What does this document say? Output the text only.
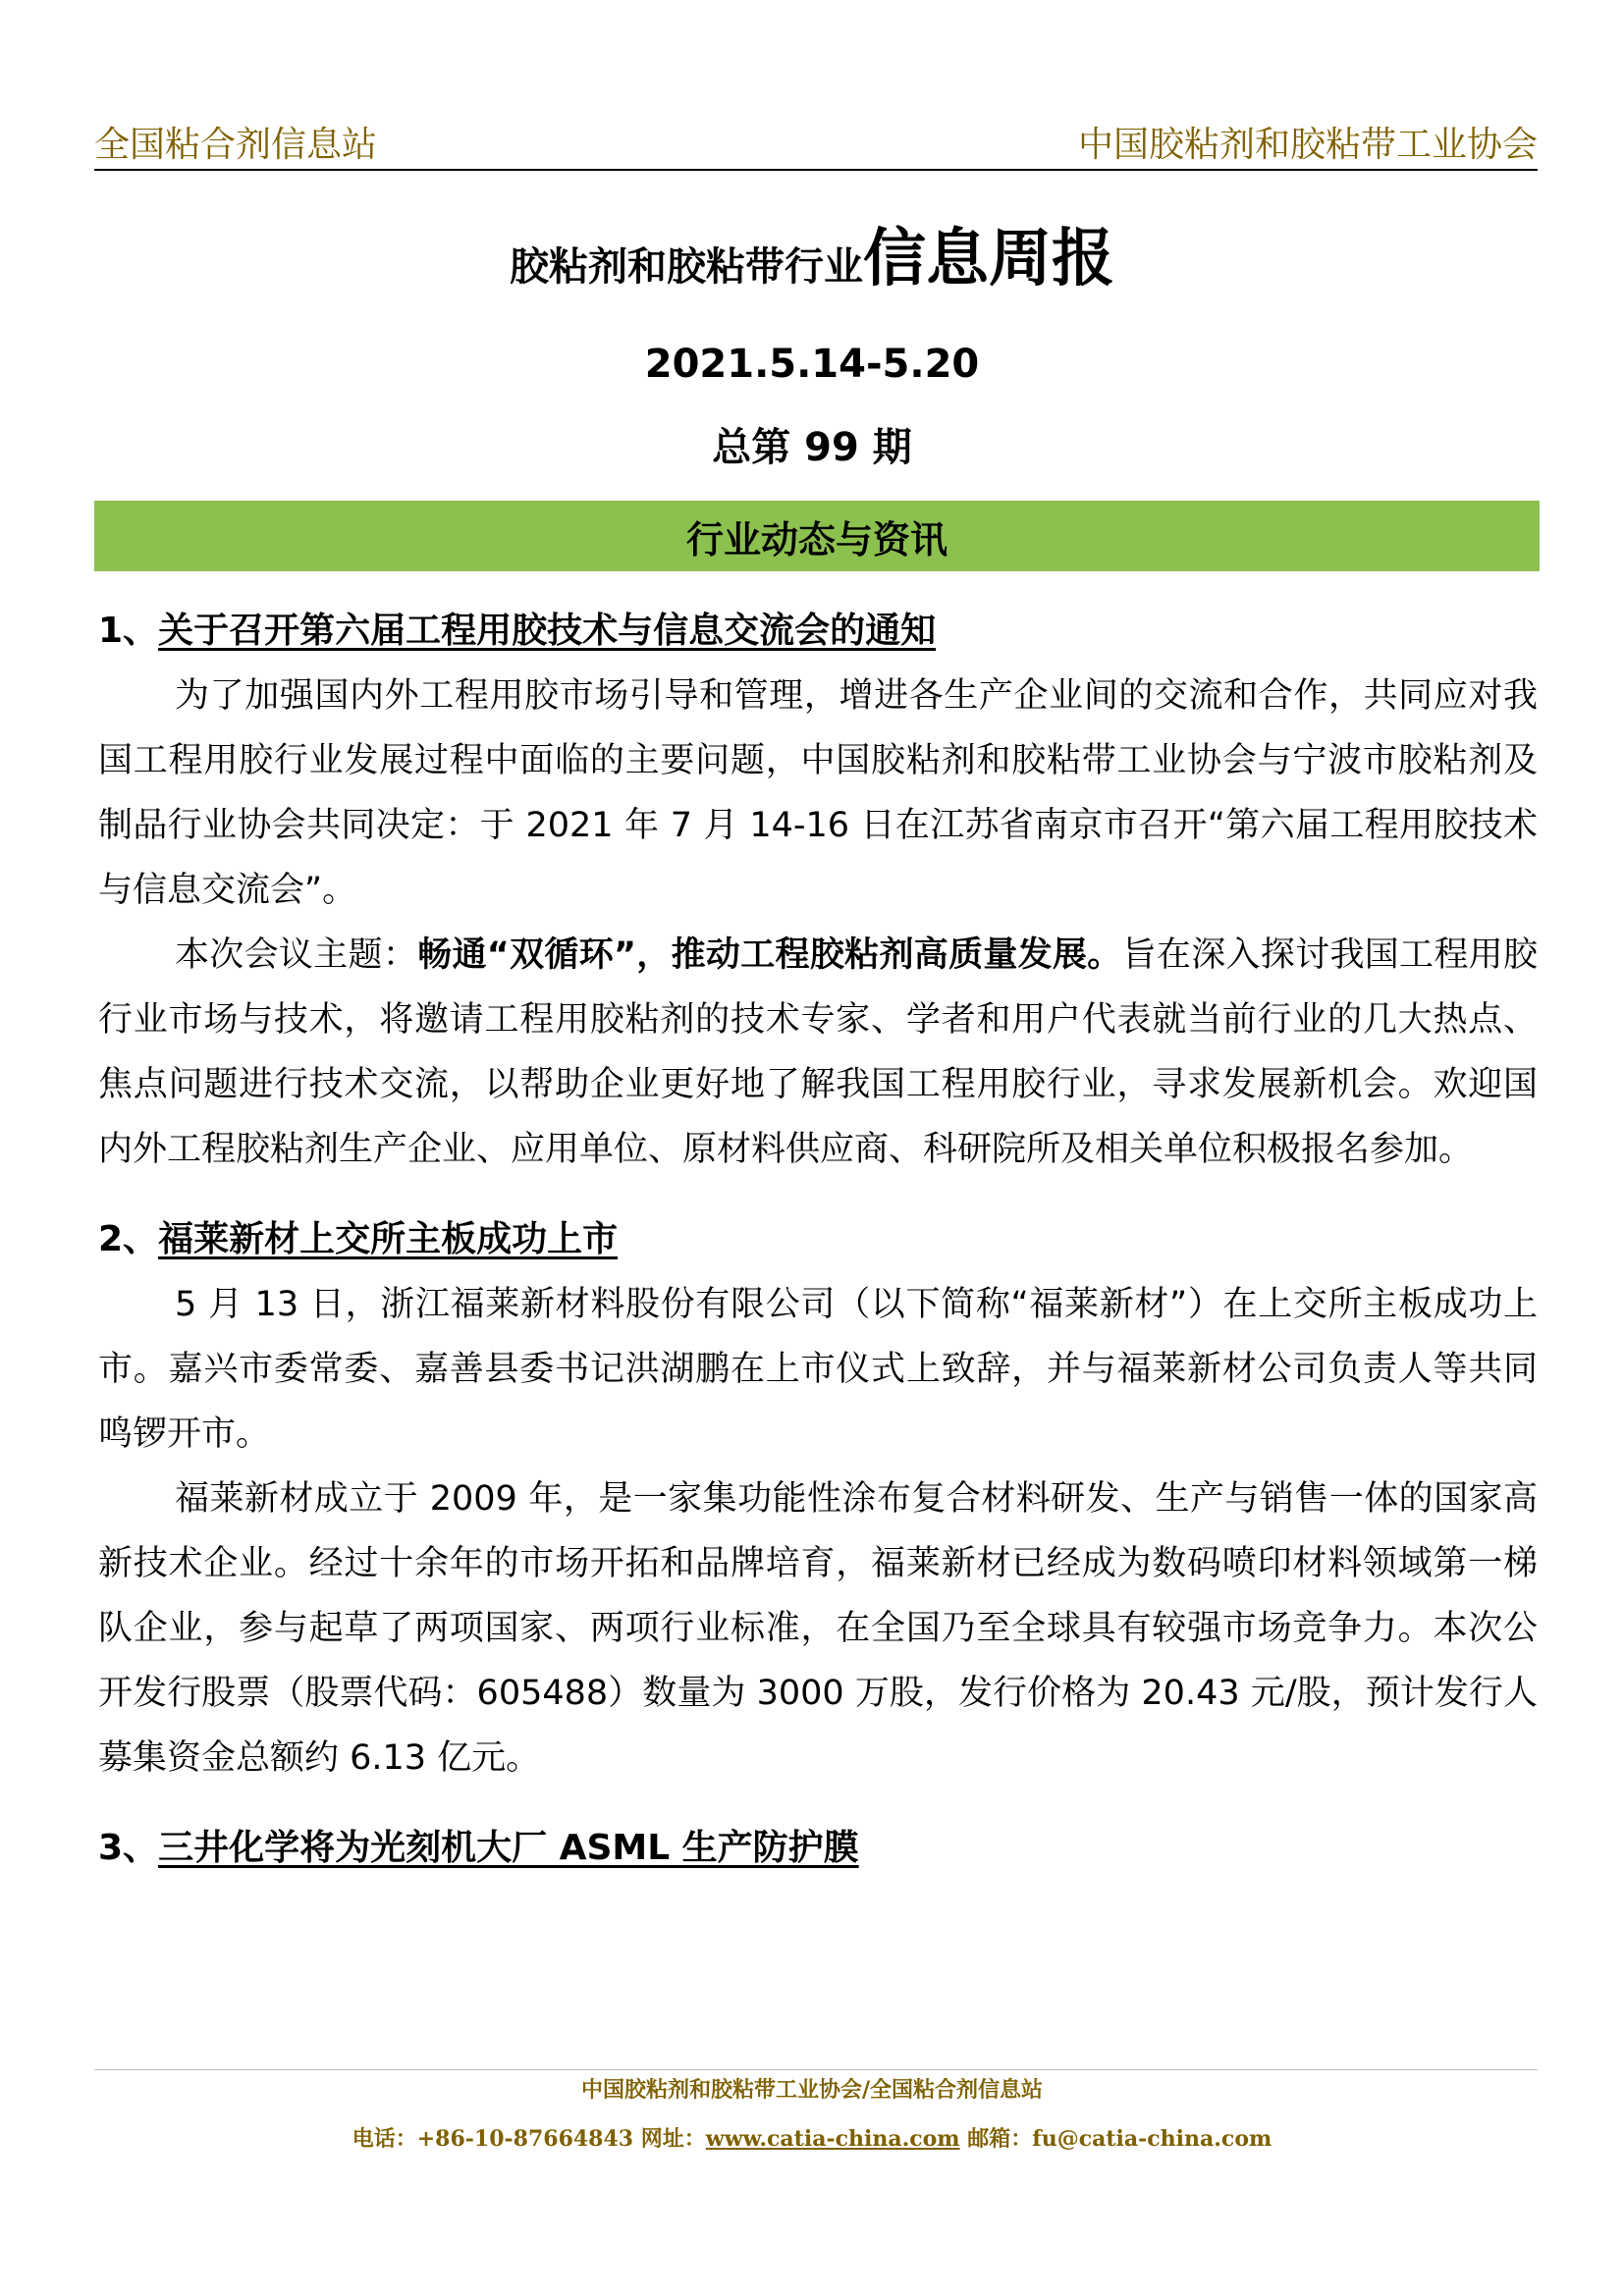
全国粘合剂信息站	中国胶粘剂和胶粘带工业协会
胶粘剂和胶粘带行业信息周报
2021.5.14-5.20
总第 99 期
行业动态与资讯

1、关于召开第六届工程用胶技术与信息交流会的通知

为了加强国内外工程用胶市场引导和管理，增进各生产企业间的交流和合作，共同应对我国工程用胶行业发展过程中面临的主要问题，中国胶粘剂和胶粘带工业协会与宁波市胶粘剂及制品行业协会共同决定：于 2021 年 7 月 14-16 日在江苏省南京市召开“第六届工程用胶技术与信息交流会”。

本次会议主题：畅通“双循环”，推动工程胶粘剂高质量发展。旨在深入探讨我国工程用胶行业市场与技术，将邀请工程用胶粘剂的技术专家、学者和用户代表就当前行业的几大热点、焦点问题进行技术交流，以帮助企业更好地了解我国工程用胶行业，寻求发展新机会。欢迎国内外工程胶粘剂生产企业、应用单位、原材料供应商、科研院所及相关单位积极报名参加。

2、福莱新材上交所主板成功上市

5 月 13 日，浙江福莱新材料股份有限公司（以下简称“福莱新材”）在上交所主板成功上市。嘉兴市委常委、嘉善县委书记洪湖鹏在上市仪式上致辞，并与福莱新材公司负责人等共同鸣锣开市。

福莱新材成立于 2009 年，是一家集功能性涂布复合材料研发、生产与销售一体的国家高新技术企业。经过十余年的市场开拓和品牌培育，福莱新材已经成为数码喷印材料领域第一梯队企业，参与起草了两项国家、两项行业标准，在全国乃至全球具有较强市场竞争力。本次公开发行股票（股票代码：605488）数量为 3000 万股，发行价格为 20.43 元/股，预计发行人募集资金总额约 6.13 亿元。

3、三井化学将为光刻机大厂 ASML 生产防护膜

中国胶粘剂和胶粘带工业协会/全国粘合剂信息站
电话：+86-10-87664843 网址：www.catia-china.com 邮箱：fu@catia-china.com
